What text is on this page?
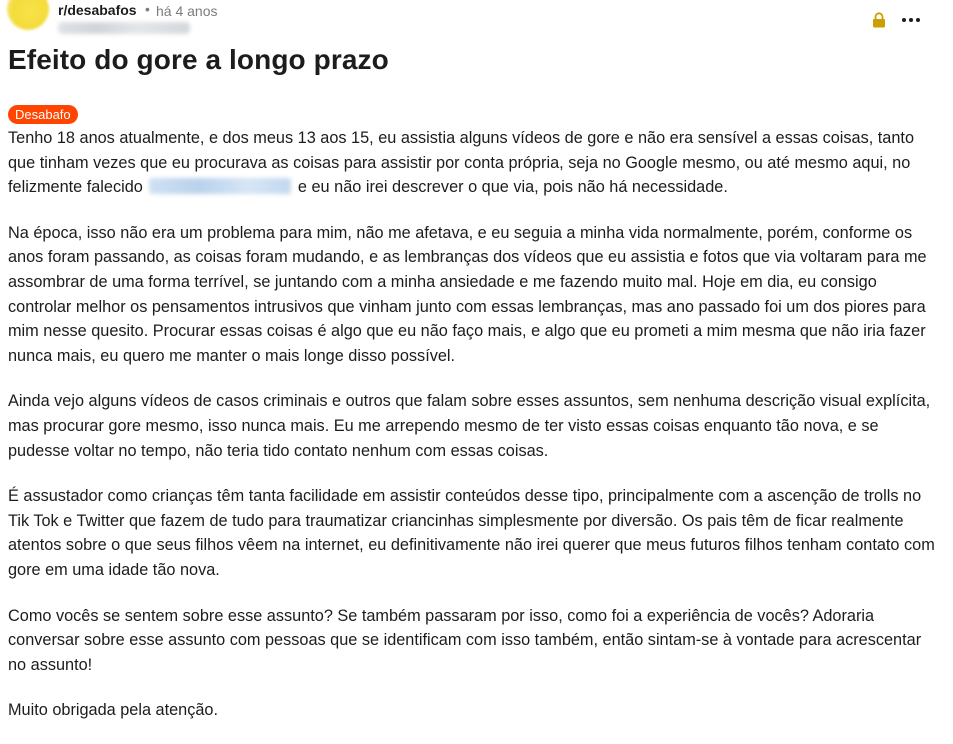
r/desabafos • há 4 anos
Efeito do gore a longo prazo
Desabafo

Tenho 18 anos atualmente, e dos meus 13 aos 15, eu assistia alguns vídeos de gore e não era sensível a essas coisas, tanto que tinham vezes que eu procurava as coisas para assistir por conta própria, seja no Google mesmo, ou até mesmo aqui, no felizmente falecido	e eu não irei descrever o que via, pois não há necessidade.

Na época, isso não era um problema para mim, não me afetava, e eu seguia a minha vida normalmente, porém, conforme os anos foram passando, as coisas foram mudando, e as lembranças dos vídeos que eu assistia e fotos que via voltaram para me assombrar de uma forma terrível, se juntando com a minha ansiedade e me fazendo muito mal. Hoje em dia, eu consigo controlar melhor os pensamentos intrusivos que vinham junto com essas lembranças, mas ano passado foi um dos piores para mim nesse quesito. Procurar essas coisas é algo que eu não faço mais, e algo que eu prometi a mim mesma que não iria fazer nunca mais, eu quero me manter o mais longe disso possível.

Ainda vejo alguns vídeos de casos criminais e outros que falam sobre esses assuntos, sem nenhuma descrição visual explícita, mas procurar gore mesmo, isso nunca mais. Eu me arrependo mesmo de ter visto essas coisas enquanto tão nova, e se pudesse voltar no tempo, não teria tido contato nenhum com essas coisas.

É assustador como crianças têm tanta facilidade em assistir conteúdos desse tipo, principalmente com a ascenção de trolls no Tik Tok e Twitter que fazem de tudo para traumatizar criancinhas simplesmente por diversão. Os pais têm de ficar realmente atentos sobre o que seus filhos vêem na internet, eu definitivamente não irei querer que meus futuros filhos tenham contato com gore em uma idade tão nova.

Como vocês se sentem sobre esse assunto? Se também passaram por isso, como foi a experiência de vocês? Adoraria conversar sobre esse assunto com pessoas que se identificam com isso também, então sintam-se à vontade para acrescentar no assunto!

Muito obrigada pela atenção.
